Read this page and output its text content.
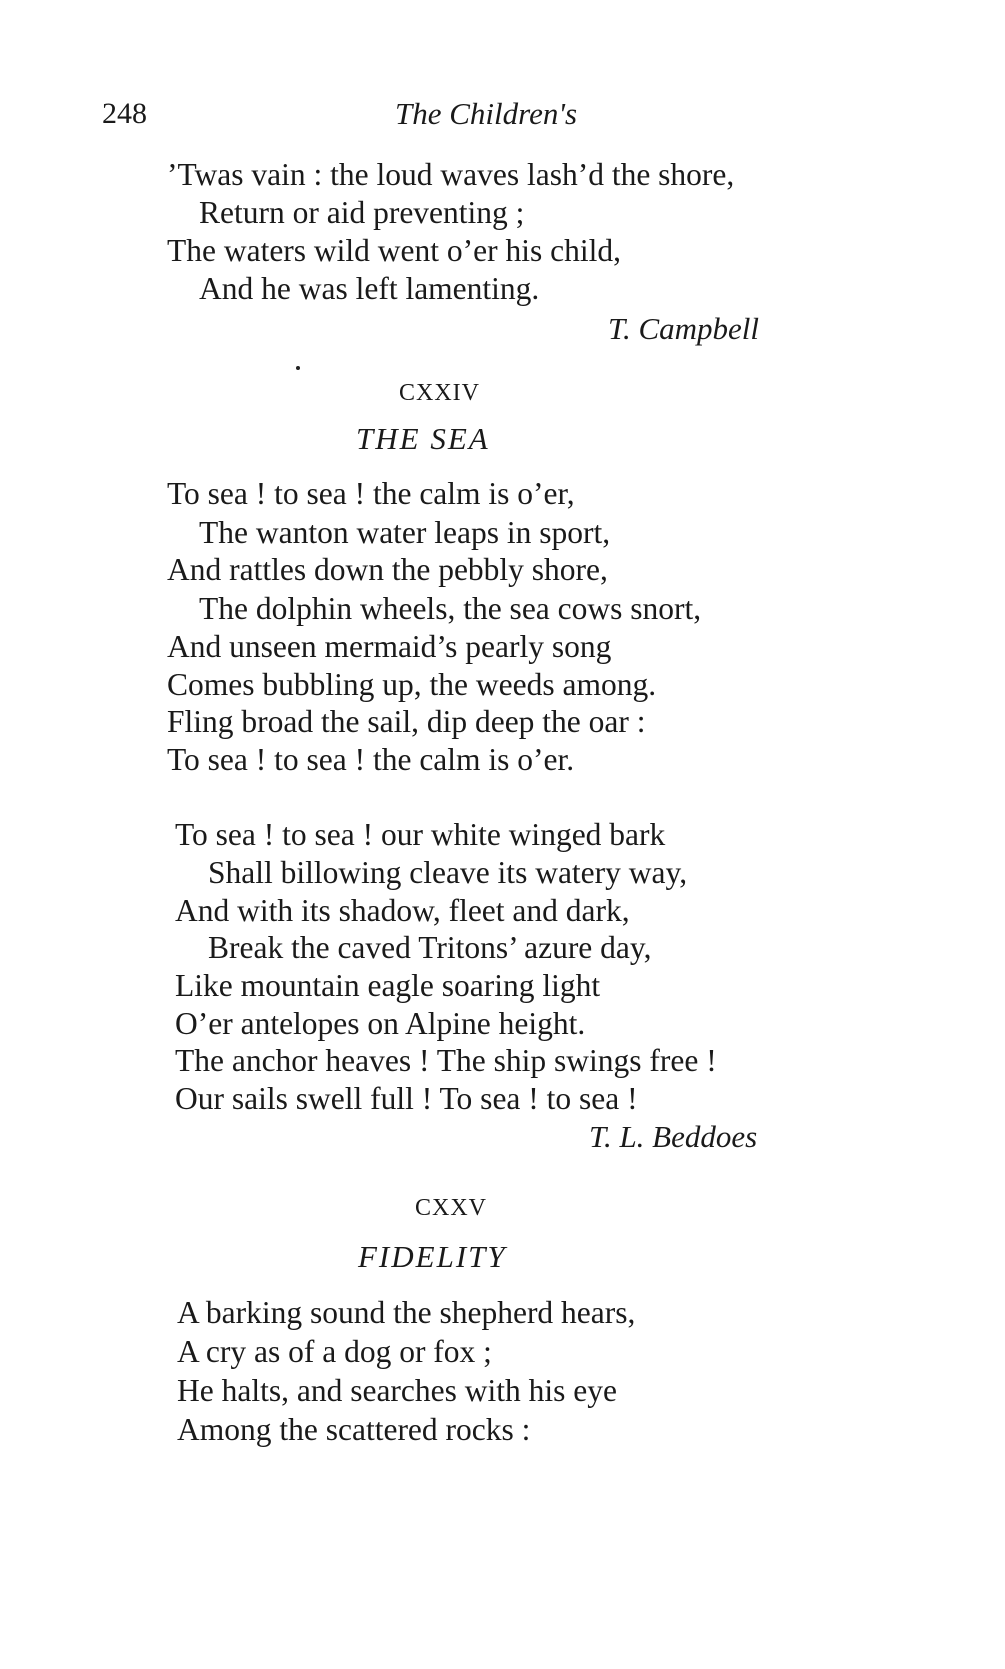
248	The Children's
’Twas vain : the loud waves lash’d the shore,
Return or aid preventing ;
The waters wild went o’er his child,
And he was left lamenting.
T. Campbell
CXXIV
THE SEA
To sea ! to sea ! the calm is o’er,
The wanton water leaps in sport,
And rattles down the pebbly shore,
The dolphin wheels, the sea cows snort,
And unseen mermaid’s pearly song
Comes bubbling up, the weeds among.
Fling broad the sail, dip deep the oar :
To sea ! to sea ! the calm is o’er.
To sea ! to sea ! our white winged bark
Shall billowing cleave its watery way,
And with its shadow, fleet and dark,
Break the caved Tritons’ azure day,
Like mountain eagle soaring light
O’er antelopes on Alpine height.
The anchor heaves ! The ship swings free !
Our sails swell full ! To sea ! to sea !
T. L. Beddoes
CXXV
FIDELITY
A barking sound the shepherd hears,
A cry as of a dog or fox ;
He halts, and searches with his eye
Among the scattered rocks :
